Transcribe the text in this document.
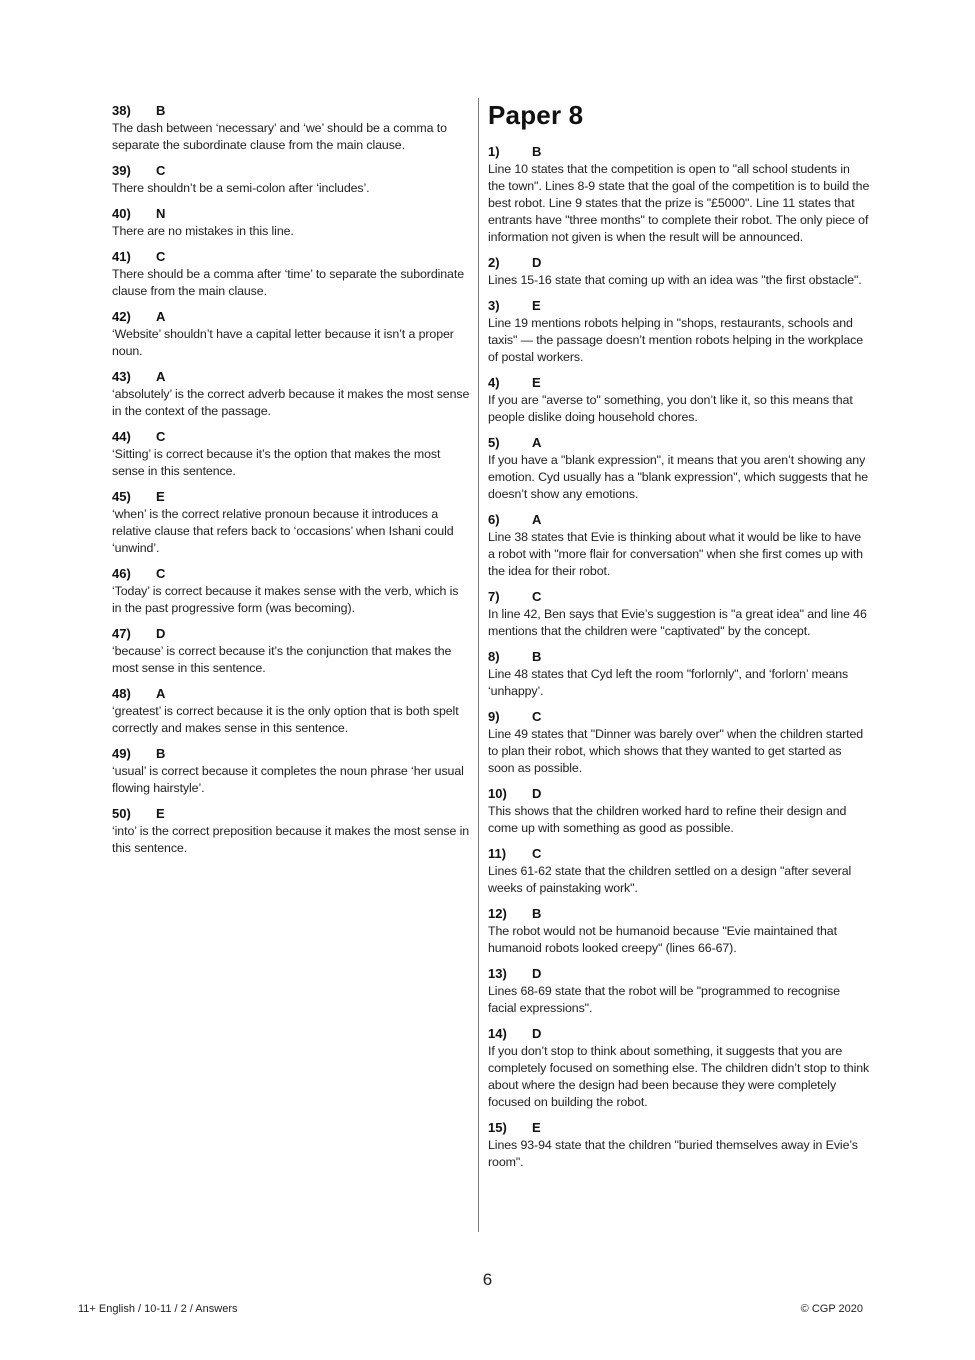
38)	B
The dash between ‘necessary’ and ‘we’ should be a comma to separate the subordinate clause from the main clause.
39)	C
There shouldn’t be a semi-colon after ‘includes’.
40)	N
There are no mistakes in this line.
41)	C
There should be a comma after ‘time’ to separate the subordinate clause from the main clause.
42)	A
‘Website’ shouldn’t have a capital letter because it isn’t a proper noun.
43)	A
‘absolutely’ is the correct adverb because it makes the most sense in the context of the passage.
44)	C
‘Sitting’ is correct because it’s the option that makes the most sense in this sentence.
45)	E
‘when’ is the correct relative pronoun because it introduces a relative clause that refers back to ‘occasions’ when Ishani could ‘unwind’.
46)	C
‘Today’ is correct because it makes sense with the verb, which is in the past progressive form (was becoming).
47)	D
‘because’ is correct because it’s the conjunction that makes the most sense in this sentence.
48)	A
‘greatest’ is correct because it is the only option that is both spelt correctly and makes sense in this sentence.
49)	B
‘usual’ is correct because it completes the noun phrase ‘her usual flowing hairstyle’.
50)	E
‘into’ is the correct preposition because it makes the most sense in this sentence.
Paper 8
1)	B
Line 10 states that the competition is open to "all school students in the town". Lines 8-9 state that the goal of the competition is to build the best robot. Line 9 states that the prize is "£5000". Line 11 states that entrants have "three months" to complete their robot. The only piece of information not given is when the result will be announced.
2)	D
Lines 15-16 state that coming up with an idea was "the first obstacle".
3)	E
Line 19 mentions robots helping in "shops, restaurants, schools and taxis" — the passage doesn’t mention robots helping in the workplace of postal workers.
4)	E
If you are "averse to" something, you don’t like it, so this means that people dislike doing household chores.
5)	A
If you have a "blank expression", it means that you aren’t showing any emotion. Cyd usually has a "blank expression", which suggests that he doesn’t show any emotions.
6)	A
Line 38 states that Evie is thinking about what it would be like to have a robot with "more flair for conversation" when she first comes up with the idea for their robot.
7)	C
In line 42, Ben says that Evie’s suggestion is "a great idea" and line 46 mentions that the children were "captivated" by the concept.
8)	B
Line 48 states that Cyd left the room "forlornly", and ‘forlorn’ means ‘unhappy’.
9)	C
Line 49 states that "Dinner was barely over" when the children started to plan their robot, which shows that they wanted to get started as soon as possible.
10)	D
This shows that the children worked hard to refine their design and come up with something as good as possible.
11)	C
Lines 61-62 state that the children settled on a design "after several weeks of painstaking work".
12)	B
The robot would not be humanoid because "Evie maintained that humanoid robots looked creepy" (lines 66-67).
13)	D
Lines 68-69 state that the robot will be "programmed to recognise facial expressions".
14)	D
If you don’t stop to think about something, it suggests that you are completely focused on something else. The children didn’t stop to think about where the design had been because they were completely focused on building the robot.
15)	E
Lines 93-94 state that the children "buried themselves away in Evie’s room".
6
11+ English / 10-11 / 2 / Answers	© CGP 2020
